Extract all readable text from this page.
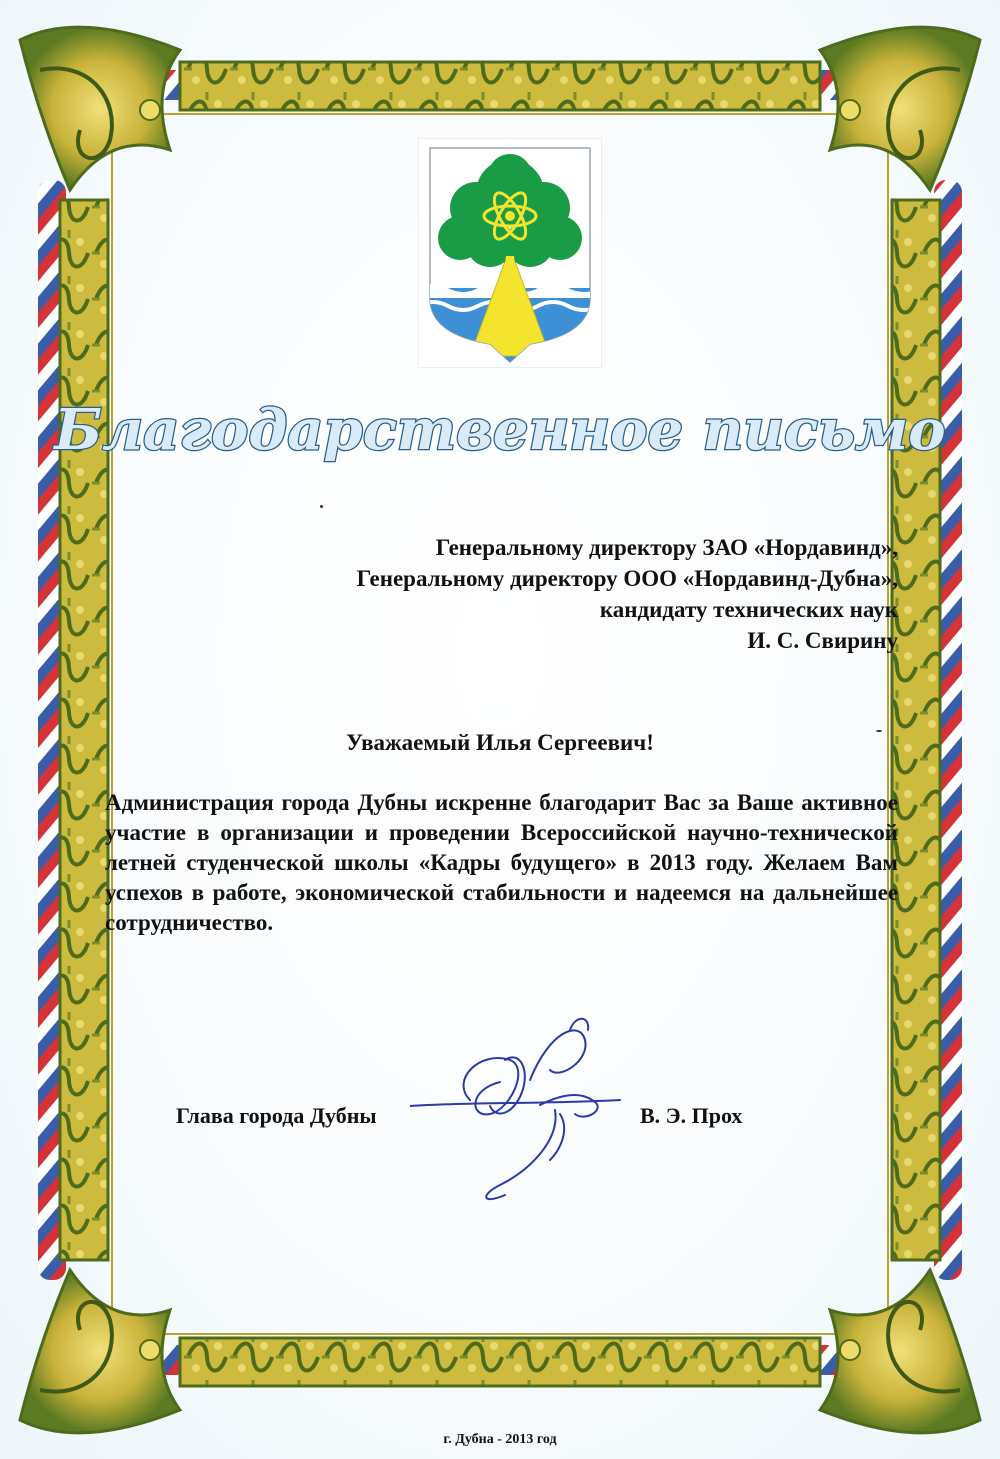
Благодарственное письмо
Генеральному директору ЗАО «Нордавинд»,
Генеральному директору ООО «Нордавинд-Дубна»,
кандидату технических наук
И. С. Свирину
Уважаемый Илья Сергеевич!
Администрация города Дубны искренне благодарит Вас за Ваше активное участие в организации и проведении Всероссийской научно-технической летней студенческой школы «Кадры будущего» в 2013 году. Желаем Вам успехов в работе, экономической стабильности и надеемся на дальнейшее сотрудничество.
Глава города Дубны	В. Э. Прох
г. Дубна - 2013 год
